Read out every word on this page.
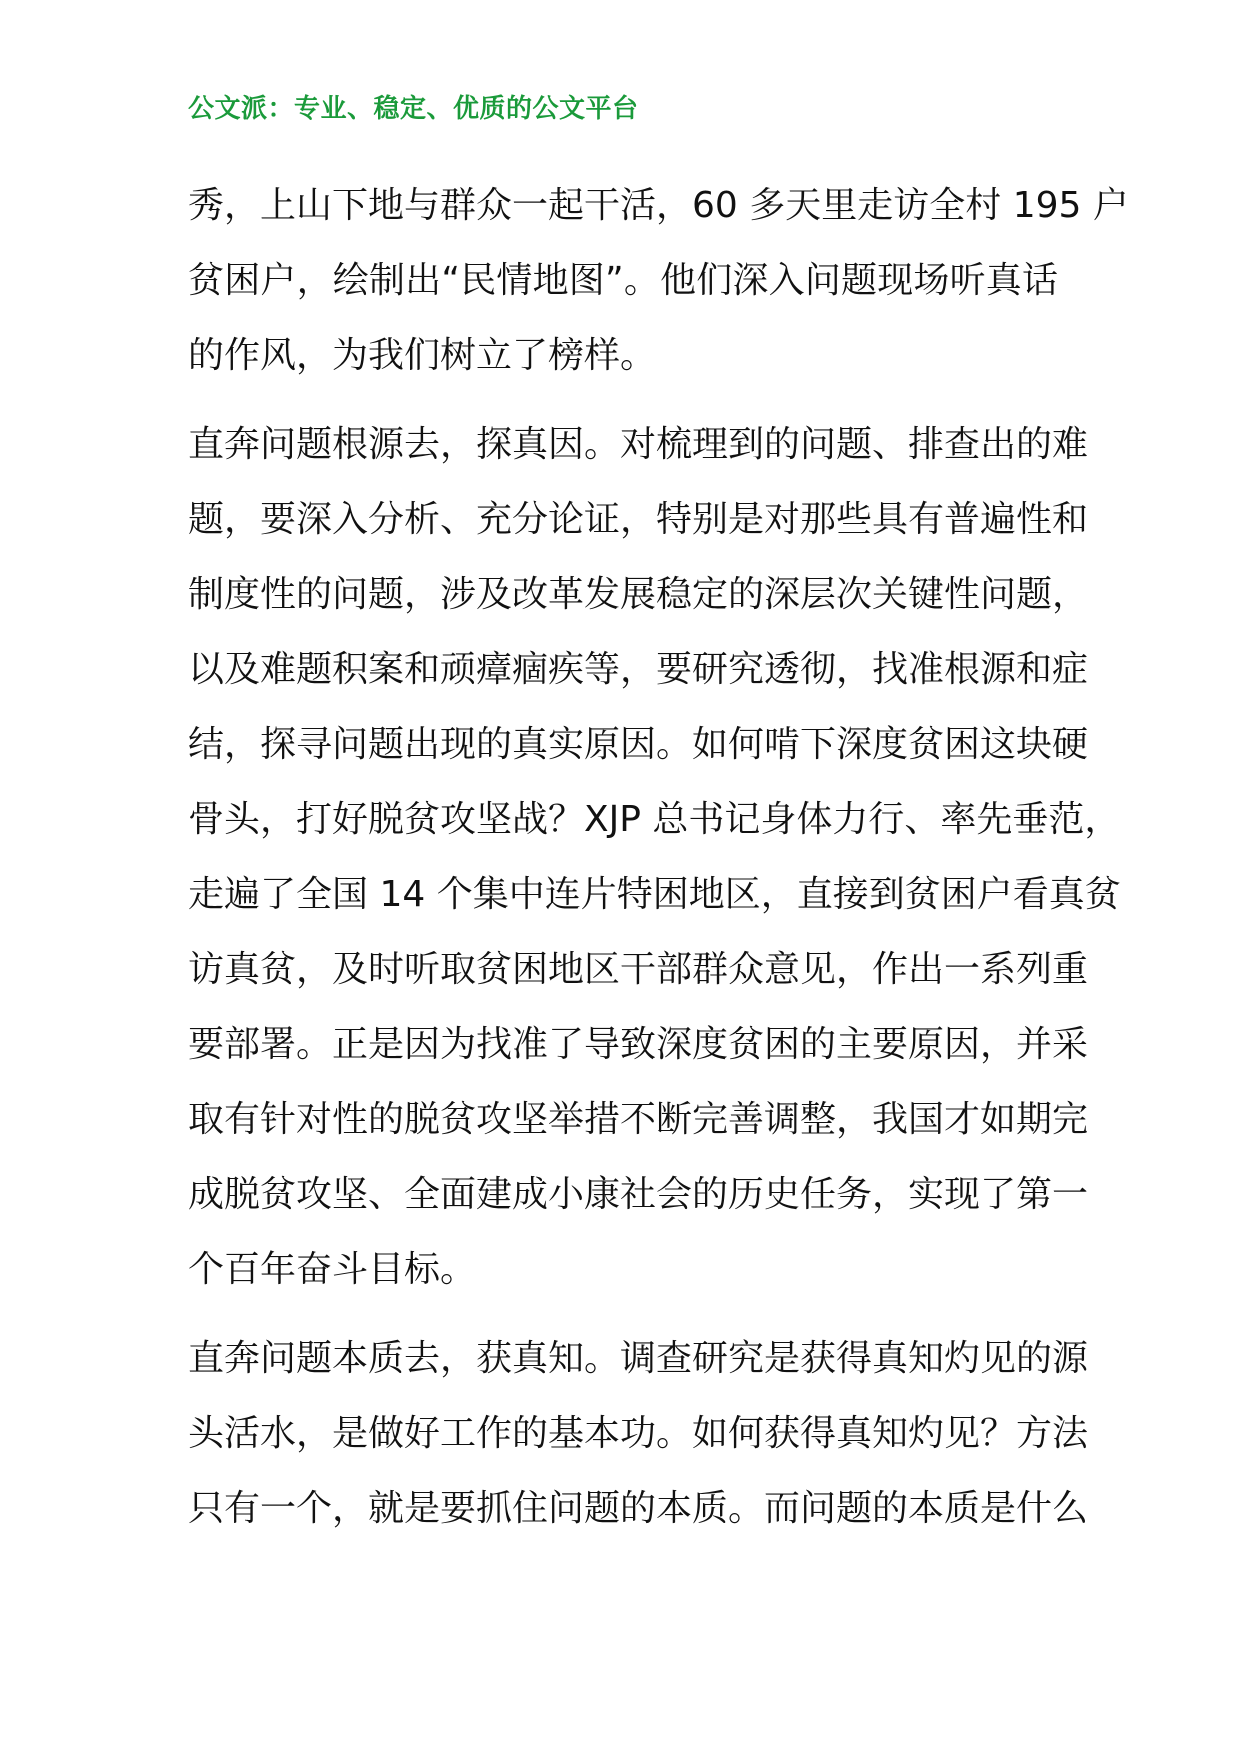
公文派：专业、稳定、优质的公文平台
秀，上山下地与群众一起干活，60 多天里走访全村 195 户
贫困户，绘制出“民情地图”。他们深入问题现场听真话
的作风，为我们树立了榜样。
直奔问题根源去，探真因。对梳理到的问题、排查出的难
题，要深入分析、充分论证，特别是对那些具有普遍性和
制度性的问题，涉及改革发展稳定的深层次关键性问题，
以及难题积案和顽瘴痼疾等，要研究透彻，找准根源和症
结，探寻问题出现的真实原因。如何啃下深度贫困这块硬
骨头，打好脱贫攻坚战？XJP 总书记身体力行、率先垂范，
走遍了全国 14 个集中连片特困地区，直接到贫困户看真贫
访真贫，及时听取贫困地区干部群众意见，作出一系列重
要部署。正是因为找准了导致深度贫困的主要原因，并采
取有针对性的脱贫攻坚举措不断完善调整，我国才如期完
成脱贫攻坚、全面建成小康社会的历史任务，实现了第一
个百年奋斗目标。
直奔问题本质去，获真知。调查研究是获得真知灼见的源
头活水，是做好工作的基本功。如何获得真知灼见？方法
只有一个，就是要抓住问题的本质。而问题的本质是什么
